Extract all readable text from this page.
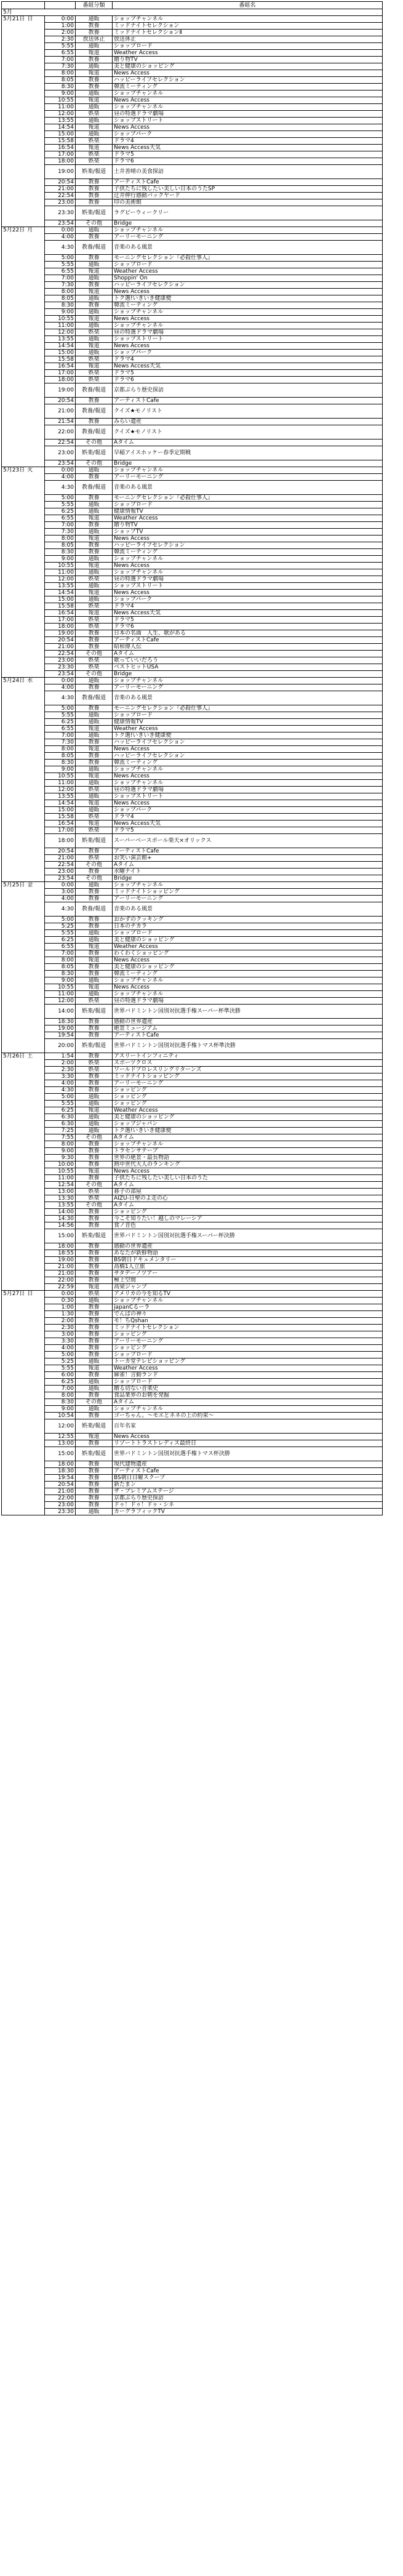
		番組分類	番組名
5月			
5月21日 日	0:00	通販	ショップチャンネル
	1:00	教養	ミッドナイトセレクション
	2:00	教養	ミッドナイトセレクションⅡ
	2:30	放送休止	放送休止
	5:55	通販	ショップロード
	6:55	報道	Weather Access
	7:00	教養	贈り物TV
	7:30	通販	美と健康のショッピング
	8:00	報道	News Access
	8:05	教養	ハッピーライフセレクション
	8:30	教養	韓流ミーティング
	9:00	通販	ショップチャンネル
	10:55	報道	News Access
	11:00	通販	ショップチャンネル
	12:00	娯楽	昼の特選ドラマ劇場
	13:55	通販	ショップストリート
	14:54	報道	News Access
	15:00	通販	ショップパーク
	15:58	娯楽	ドラマ4
	16:54	報道	News Access天気
	17:00	娯楽	ドラマ5
	18:00	娯楽	ドラマ6
	19:00	娯楽/報道	土井善晴の美食探訪
	20:54	教養	アーティストCafe
	21:00	教養	子供たちに残したい美しい日本のうたSP
	22:54	教養	辻井伸行感動バックヤード
	23:00	教養	印の美術館
	23:30	娯楽/報道	ラグビーウィークリー
	23:54	その他	Bridge
5月22日 月	0:00	通販	ショップチャンネル
	4:00	教養	アーリーモーニング
	4:30	教養/報道	音楽のある風景
	5:00	教養	モーニングセレクション『必殺仕事人』
	5:55	通販	ショップロード
	6:55	報道	Weather Access
	7:00	通販	Shoppin' On
	7:30	教養	ハッピーライフセレクション
	8:00	報道	News Access
	8:05	通販	トク選!いきいき健康便
	8:30	教養	韓流ミーティング
	9:00	通販	ショップチャンネル
	10:55	報道	News Access
	11:00	通販	ショップチャンネル
	12:00	娯楽	昼の特選ドラマ劇場
	13:55	通販	ショップストリート
	14:54	報道	News Access
	15:00	通販	ショップパーク
	15:58	娯楽	ドラマ4
	16:54	報道	News Access天気
	17:00	娯楽	ドラマ5
	18:00	娯楽	ドラマ6
	19:00	教養/報道	京都ぶらり歴史探訪
	20:54	教養	アーティストCafe
	21:00	教養/報道	クイズ★モノリスト
	21:54	教養	みらい遺産
	22:00	教養/報道	クイズ★モノリスト
	22:54	その他	Aタイム
	23:00	娯楽/報道	早稲アイスホッケー春季定期戦
	23:54	その他	Bridge
5月23日 火	0:00	通販	ショップチャンネル
	4:00	教養	アーリーモーニング
	4:30	教養/報道	音楽のある風景
	5:00	教養	モーニングセレクション『必殺仕事人』
	5:55	通販	ショップロード
	6:25	通販	健康情報TV
	6:55	報道	Weather Access
	7:00	教養	贈り物TV
	7:30	通販	ショップTV
	8:00	報道	News Access
	8:05	教養	ハッピーライフセレクション
	8:30	教養	韓流ミーティング
	9:00	通販	ショップチャンネル
	10:55	報道	News Access
	11:00	通販	ショップチャンネル
	12:00	娯楽	昼の特選ドラマ劇場
	13:55	通販	ショップストリート
	14:54	報道	News Access
	15:00	通販	ショップパーク
	15:58	娯楽	ドラマ4
	16:54	報道	News Access天気
	17:00	娯楽	ドラマ5
	18:00	娯楽	ドラマ6
	19:00	教養	日本の名曲　人生、歌がある
	20:54	教養	アーティストCafe
	21:00	教養	昭和偉人伝
	22:54	その他	Aタイム
	23:00	娯楽	歌っていいだろう
	23:30	娯楽	ベストヒットUSA
	23:54	その他	Bridge
5月24日 水	0:00	通販	ショップチャンネル
	4:00	教養	アーリーモーニング
	4:30	教養/報道	音楽のある風景
	5:00	教養	モーニングセレクション『必殺仕事人』
	5:55	通販	ショップロード
	6:25	通販	健康情報TV
	6:55	報道	Weather Access
	7:00	通販	トク選!いきいき健康便
	7:30	教養	ハッピーライフセレクション
	8:00	報道	News Access
	8:05	教養	ハッピーライフセレクション
	8:30	教養	韓流ミーティング
	9:00	通販	ショップチャンネル
	10:55	報道	News Access
	11:00	通販	ショップチャンネル
	12:00	娯楽	昼の特選ドラマ劇場
	13:55	通販	ショップストリート
	14:54	報道	News Access
	15:00	通販	ショップパーク
	15:58	娯楽	ドラマ4
	16:54	報道	News Access天気
	17:00	娯楽	ドラマ5
	18:00	娯楽/報道	スーパーベースボール楽天×オリックス
	20:54	教養	アーティストCafe
	21:00	娯楽	お笑い演芸館+
	22:54	その他	Aタイム
	23:00	教養	水曜ナイト
	23:54	その他	Bridge
5月25日 金	0:00	通販	ショップチャンネル
	3:00	教養	ミッドナイトショッピング
	4:00	教養	アーリーモーニング
	4:30	教養/報道	音楽のある風景
	5:00	教養	おかずのクッキング
	5:25	教養	日本のチカラ
	5:55	通販	ショップロード
	6:25	通販	美と健康のショッピング
	6:55	報道	Weather Access
	7:00	教養	わくわくショッピング
	8:00	報道	News Access
	8:05	教養	美と健康のショッピング
	8:30	教養	韓流ミーティング
	9:00	通販	ショップチャンネル
	10:55	報道	News Access
	11:00	通販	ショップチャンネル
	12:00	娯楽	昼の特選ドラマ劇場
	14:00	娯楽/報道	世界バドミントン国別対抗選手権スーパー杯準決勝
	18:30	教養	感動の世界遺産
	19:00	教養	絶景ミュージアム
	19:54	教養	アーティストCafe
	20:00	娯楽/報道	世界バドミントン国別対抗選手権トマス杯準決勝
5月26日 土	1:54	教養	アスリートインフィニティ
	2:00	娯楽	スポーツクロス
	2:30	娯楽	ワールドプロレスリングリターンズ
	3:30	教養	ミッドナイトショッピング
	4:00	教養	アーリーモーニング
	4:30	教養	ショッピング
	5:00	通販	ショッピング
	5:55	通販	ショッピング
	6:25	報道	Weather Access
	6:30	通販	美と健康のショッピング
	6:30	通販	ショップジャパン
	7:25	通販	トク選!いきいき健康便
	7:55	その他	Aタイム
	8:00	教養	ショップチャンネル
	9:00	教養	トラセンサテーブ
	9:30	教養	世界の絶景・最長物語
	10:00	教養	熱中世代大人のランキング
	10:55	報道	News Access
	11:00	教養	子供たちに残したい美しい日本のうた
	12:54	その他	Aタイム
	13:00	娯楽	碁子の部屋
	13:30	娯楽	AIZU-日聖のよ走の心
	13:55	その他	Aタイム
	14:00	教養	ショッピング
	14:30	教養	今こそ知りたい！越しのマレーシア
	14:56	教養	食ノ音色
	15:00	娯楽/報道	世界バドミントン国別対抗選手権スーパー杯決勝
	18:00	教養	感動の世界遺産
	18:55	教養	あなたが新鮮物語
	19:00	教養	BS朝日ドキュメンタリー
	21:00	教養	高橋1人立旅
	21:00	教養	サタデーノツアー
	22:00	教養	極上空間
	22:59	報道	高梁ジャンプ
5月27日 日	0:00	娯楽	アメリカの今を知るTV
	0:30	通販	ショップチャンネル
	1:00	教養	japanCるーラ
	1:30	教養	でんぱの神々
	2:00	教養	モ！ちQshan
	2:30	教養	ミッドナイトセレクション
	3:00	教養	ショッピング
	3:30	教養	アーリーモーニング
	4:00	教養	ショッピング
	5:00	教養	ショップロード
	5:25	通販	トーカ堂テレビショッピング
	5:55	報道	Weather Access
	6:00	教養	麻雀！言動ランド
	6:25	通販	ショップロード
	7:00	通販	贈る切ない音楽史
	8:00	教養	食品業界のお朝を発掘
	8:30	その他	Aタイム
	9:00	通販	ショップチャンネル
	10:54	教養	ゴーちゃん。～モエとネネの上の約束～
	12:00	娯楽/報道	百年名家
	12:55	報道	News Access
	13:00	教養	リゾートトラストレディス最終日
	15:00	娯楽/報道	世界バドミントン国別対抗選手権トマス杯決勝
	18:00	教養	現代建物遺産
	18:30	教養	アーティストCafe
	19:54	教養	BS朝日日曜スクープ
	20:54	教養	新たまン
	21:00	教養	ザ・プレミアムステージ
	22:00	教養	京都ぶらり歴史探訪
	23:00	教養	ドゥ！ドゥ！ドゥ・シネ
	23:30	通販	カーグラフィックTV
